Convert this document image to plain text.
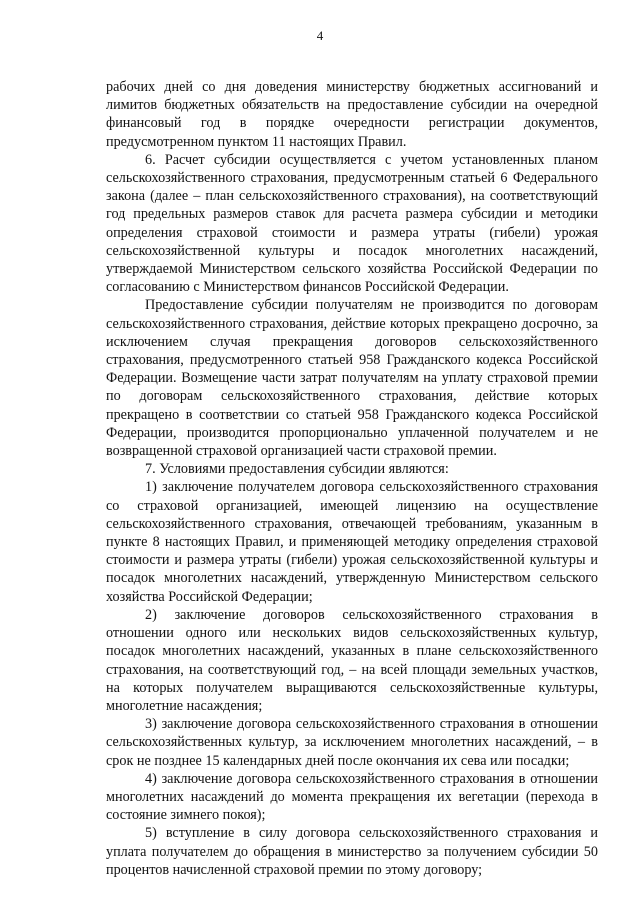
4

рабочих дней со дня доведения министерству бюджетных ассигнований и лимитов бюджетных обязательств на предоставление субсидии на очередной финансовый год в порядке очередности регистрации документов, предусмотренном пунктом 11 настоящих Правил.

6. Расчет субсидии осуществляется с учетом установленных планом сельскохозяйственного страхования, предусмотренным статьей 6 Федерального закона (далее – план сельскохозяйственного страхования), на соответствующий год предельных размеров ставок для расчета размера субсидии и методики определения страховой стоимости и размера утраты (гибели) урожая сельскохозяйственной культуры и посадок многолетних насаждений, утверждаемой Министерством сельского хозяйства Российской Федерации по согласованию с Министерством финансов Российской Федерации.

Предоставление субсидии получателям не производится по договорам сельскохозяйственного страхования, действие которых прекращено досрочно, за исключением случая прекращения договоров сельскохозяйственного страхования, предусмотренного статьей 958 Гражданского кодекса Российской Федерации. Возмещение части затрат получателям на уплату страховой премии по договорам сельскохозяйственного страхования, действие которых прекращено в соответствии со статьей 958 Гражданского кодекса Российской Федерации, производится пропорционально уплаченной получателем и не возвращенной страховой организацией части страховой премии.

7. Условиями предоставления субсидии являются:

1) заключение получателем договора сельскохозяйственного страхования со страховой организацией, имеющей лицензию на осуществление сельскохозяйственного страхования, отвечающей требованиям, указанным в пункте 8 настоящих Правил, и применяющей методику определения страховой стоимости и размера утраты (гибели) урожая сельскохозяйственной культуры и посадок многолетних насаждений, утвержденную Министерством сельского хозяйства Российской Федерации;

2) заключение договоров сельскохозяйственного страхования в отношении одного или нескольких видов сельскохозяйственных культур, посадок многолетних насаждений, указанных в плане сельскохозяйственного страхования, на соответствующий год, – на всей площади земельных участков, на которых получателем выращиваются сельскохозяйственные культуры, многолетние насаждения;

3) заключение договора сельскохозяйственного страхования в отношении сельскохозяйственных культур, за исключением многолетних насаждений, – в срок не позднее 15 календарных дней после окончания их сева или посадки;

4) заключение договора сельскохозяйственного страхования в отношении многолетних насаждений до момента прекращения их вегетации (перехода в состояние зимнего покоя);

5) вступление в силу договора сельскохозяйственного страхования и уплата получателем до обращения в министерство за получением субсидии 50 процентов начисленной страховой премии по этому договору;
